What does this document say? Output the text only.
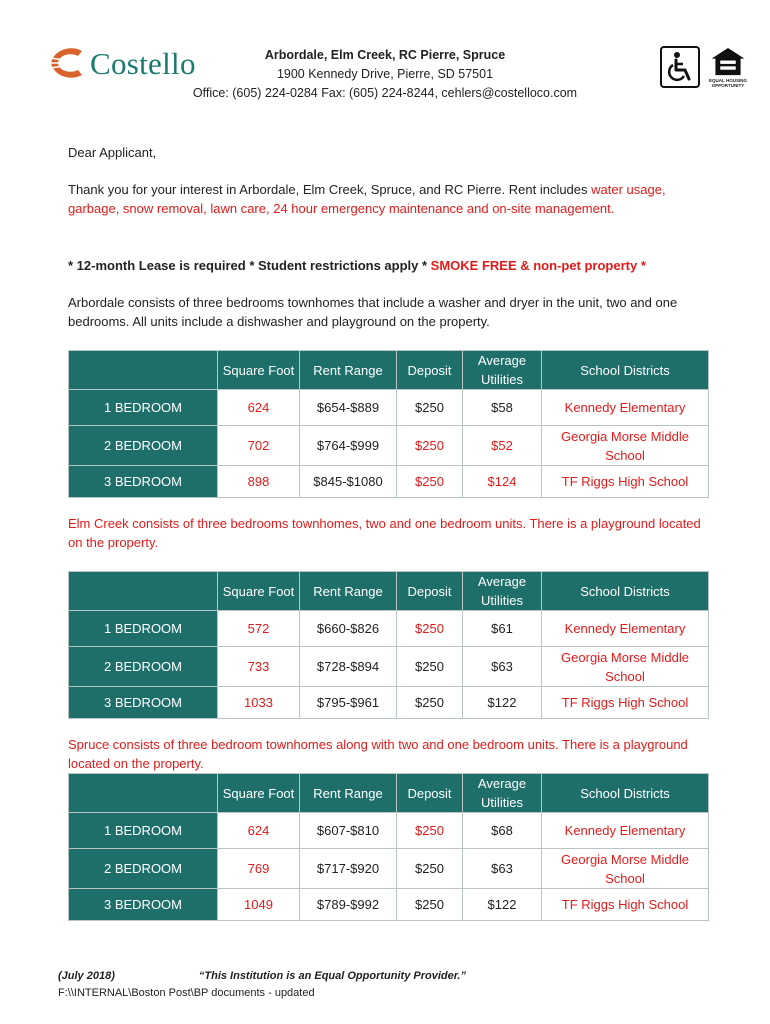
Costello	Arbordale, Elm Creek, RC Pierre, Spruce
1900 Kennedy Drive, Pierre, SD 57501
Office: (605) 224-0284 Fax: (605) 224-8244, cehlers@costelloco.com
EQUAL HOUSING OPPORTUNITY
Dear Applicant,
Thank you for your interest in Arbordale, Elm Creek, Spruce, and RC Pierre. Rent includes water usage, garbage, snow removal, lawn care, 24 hour emergency maintenance and on-site management.
* 12-month Lease is required * Student restrictions apply * SMOKE FREE & non-pet property *
Arbordale consists of three bedrooms townhomes that include a washer and dryer in the unit, two and one bedrooms. All units include a dishwasher and playground on the property.
	Square Foot	Rent Range	Deposit	Average Utilities	School Districts
1 BEDROOM	624	$654-$889	$250	$58	Kennedy Elementary
2 BEDROOM	702	$764-$999	$250	$52	Georgia Morse Middle School
3 BEDROOM	898	$845-$1080	$250	$124	TF Riggs High School
Elm Creek consists of three bedrooms townhomes, two and one bedroom units. There is a playground located on the property.
	Square Foot	Rent Range	Deposit	Average Utilities	School Districts
1 BEDROOM	572	$660-$826	$250	$61	Kennedy Elementary
2 BEDROOM	733	$728-$894	$250	$63	Georgia Morse Middle School
3 BEDROOM	1033	$795-$961	$250	$122	TF Riggs High School
Spruce consists of three bedroom townhomes along with two and one bedroom units. There is a playground located on the property.
	Square Foot	Rent Range	Deposit	Average Utilities	School Districts
1 BEDROOM	624	$607-$810	$250	$68	Kennedy Elementary
2 BEDROOM	769	$717-$920	$250	$63	Georgia Morse Middle School
3 BEDROOM	1049	$789-$992	$250	$122	TF Riggs High School
(July 2018)	“This Institution is an Equal Opportunity Provider.”
F:\\INTERNAL\Boston Post\BP documents - updated
